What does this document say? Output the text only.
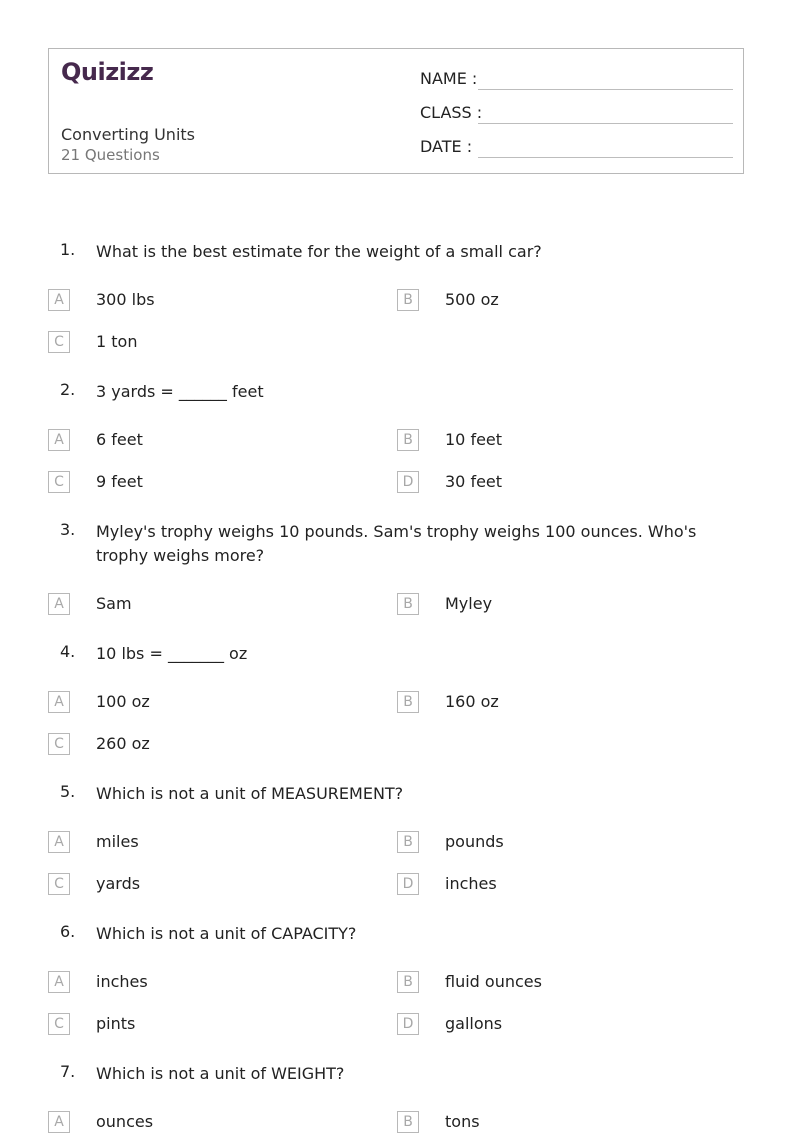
Quizizz
Converting Units
21 Questions
NAME :
CLASS :
DATE :
1. What is the best estimate for the weight of a small car?
A	300 lbs	B	500 oz
C	1 ton
2. 3 yards = ______ feet
A	6 feet	B	10 feet
C	9 feet	D	30 feet
3. Myley's trophy weighs 10 pounds. Sam's trophy weighs 100 ounces. Who's trophy weighs more?
A	Sam	B	Myley
4. 10 lbs = _______ oz
A	100 oz	B	160 oz
C	260 oz
5. Which is not a unit of MEASUREMENT?
A	miles	B	pounds
C	yards	D	inches
6. Which is not a unit of CAPACITY?
A	inches	B	fluid ounces
C	pints	D	gallons
7. Which is not a unit of WEIGHT?
A	ounces	B	tons
